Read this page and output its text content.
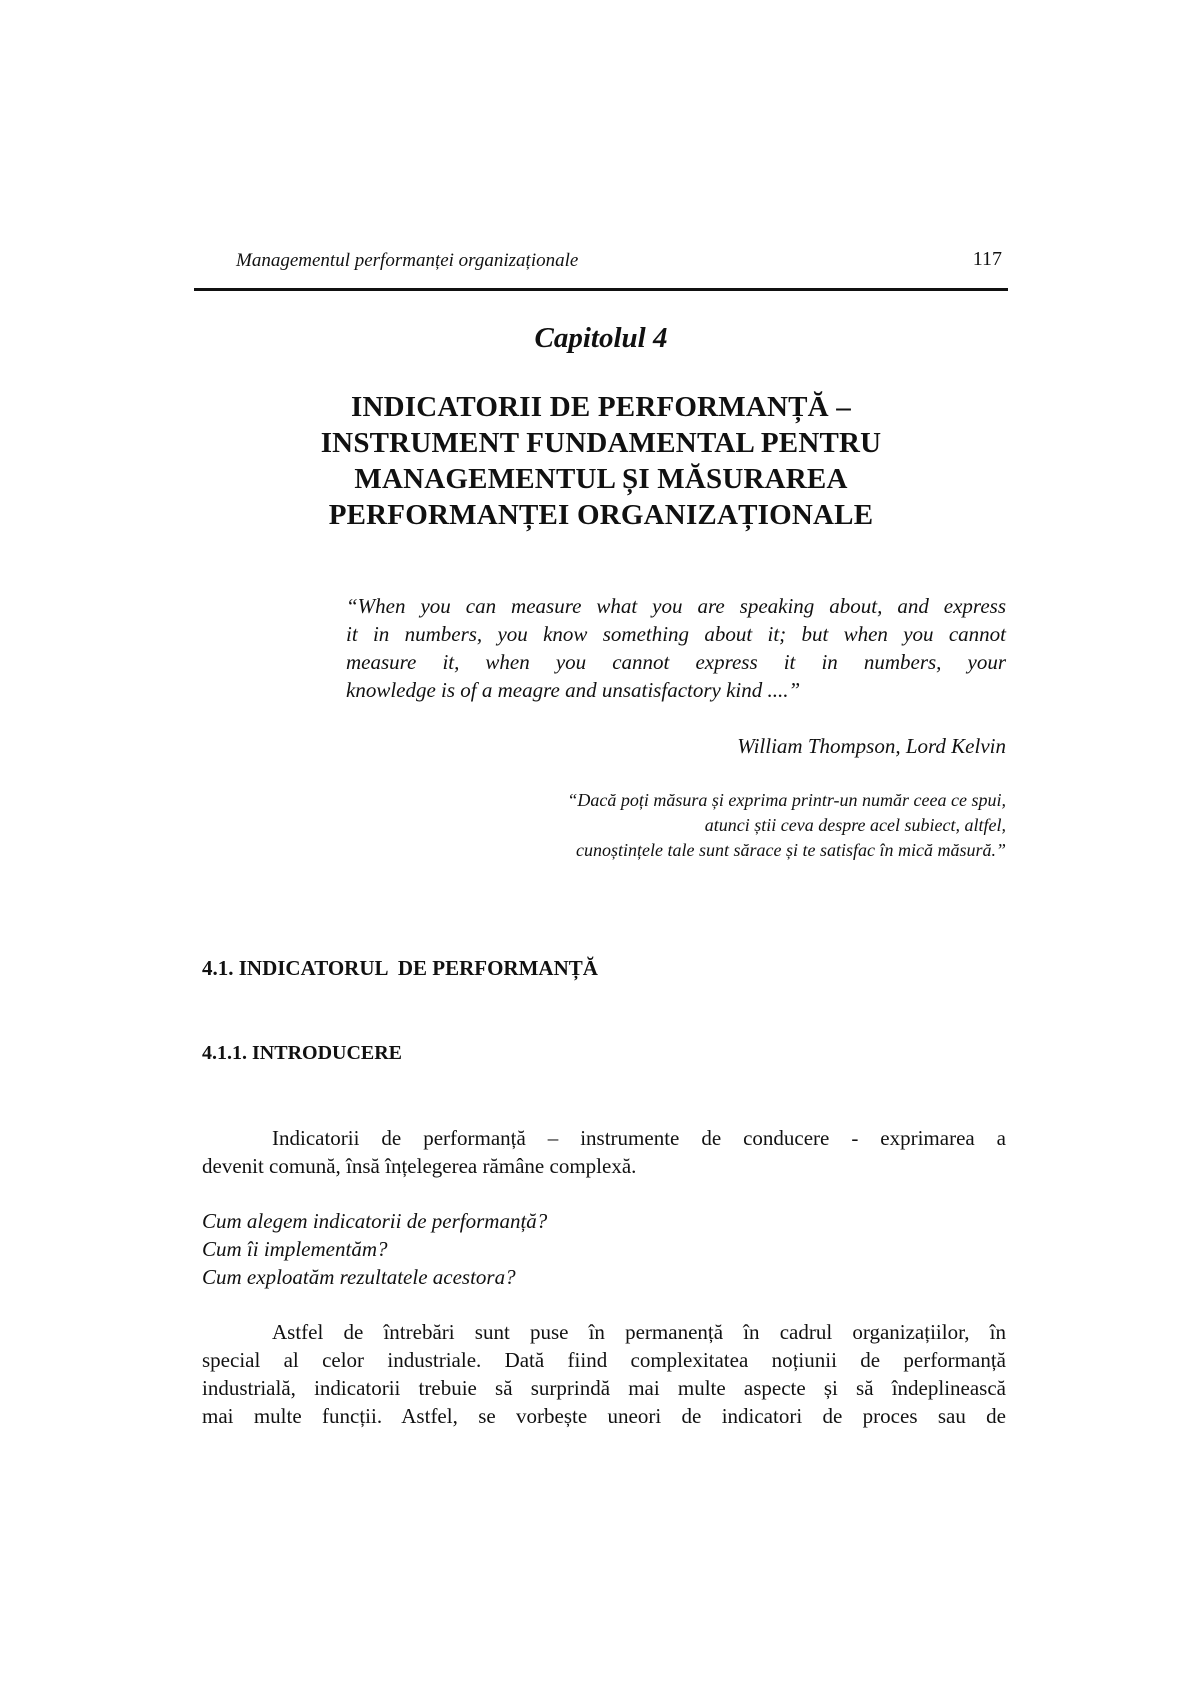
Managementul performanței organizaționale	117
Capitolul 4
INDICATORII DE PERFORMANȚĂ –
INSTRUMENT FUNDAMENTAL PENTRU
MANAGEMENTUL ȘI MĂSURAREA
PERFORMANȚEI ORGANIZAȚIONALE
“When you can measure what you are speaking about, and express
it in numbers, you know something about it; but when you cannot
measure it, when you cannot express it in numbers, your
knowledge is of a meagre and unsatisfactory kind ....”
William Thompson, Lord Kelvin
“Dacă poți măsura și exprima printr-un număr ceea ce spui,
atunci știi ceva despre acel subiect, altfel,
cunoștințele tale sunt sărace și te satisfac în mică măsură.”
4.1. INDICATORUL  DE PERFORMANȚĂ
4.1.1. INTRODUCERE
Indicatorii de performanță – instrumente de conducere - exprimarea a
devenit comună, însă înțelegerea rămâne complexă.
Cum alegem indicatorii de performanță?
Cum îi implementăm?
Cum exploatăm rezultatele acestora?
Astfel de întrebări sunt puse în permanență în cadrul organizațiilor, în
special al celor industriale. Dată fiind complexitatea noțiunii de performanță
industrială, indicatorii trebuie să surprindă mai multe aspecte și să îndeplinească
mai multe funcții. Astfel, se vorbește uneori de indicatori de proces sau de
